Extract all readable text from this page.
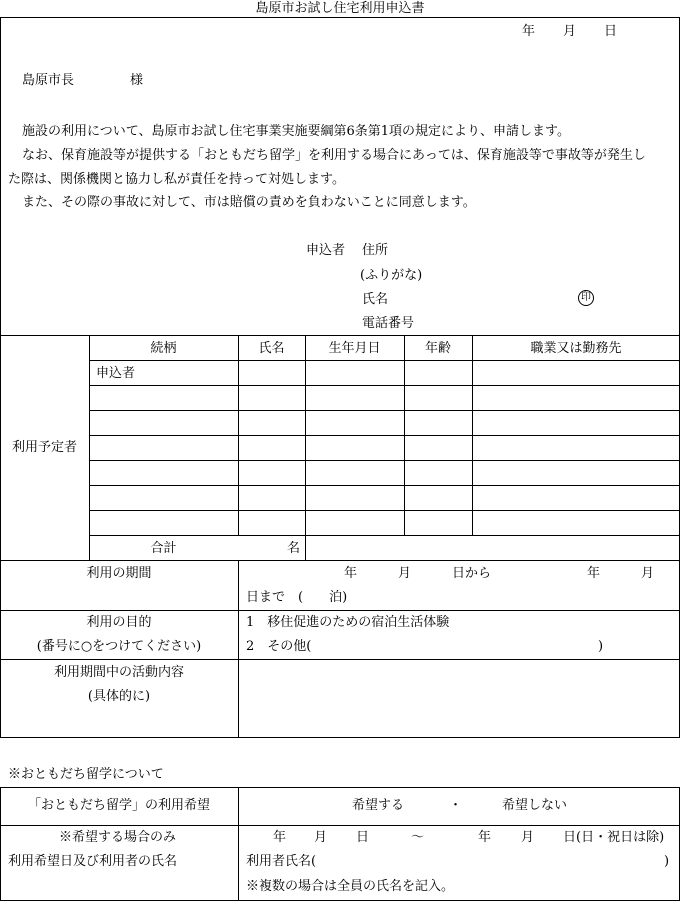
島原市お試し住宅利用申込書
年 月 日
島原市長	様
施設の利用について、島原市お試し住宅事業実施要綱第6条第1項の規定により、申請します。
なお、保育施設等が提供する「おともだち留学」を利用する場合にあっては、保育施設等で事故等が発生し
た際は、関係機関と協力し私が責任を持って対処します。
また、その際の事故に対して、市は賠償の責めを負わないことに同意します。
申込者 住所
(ふりがな)
氏名	印
電話番号
利用予定者
続柄	氏名	生年月日	年齢	職業又は勤務先
申込者
合計	名
利用の期間	年	月	日から	年	月
日まで　(　　泊)
利用の目的
(番号に○をつけてください)
1　移住促進のための宿泊生活体験
2　その他(	)
利用期間中の活動内容
(具体的に)
※おともだち留学について
「おともだち留学」の利用希望	希望する	・	希望しない
※希望する場合のみ
利用希望日及び利用者の氏名
年 月 日	～	年 月 日(日・祝日は除)
利用者氏名(	)
※複数の場合は全員の氏名を記入。
